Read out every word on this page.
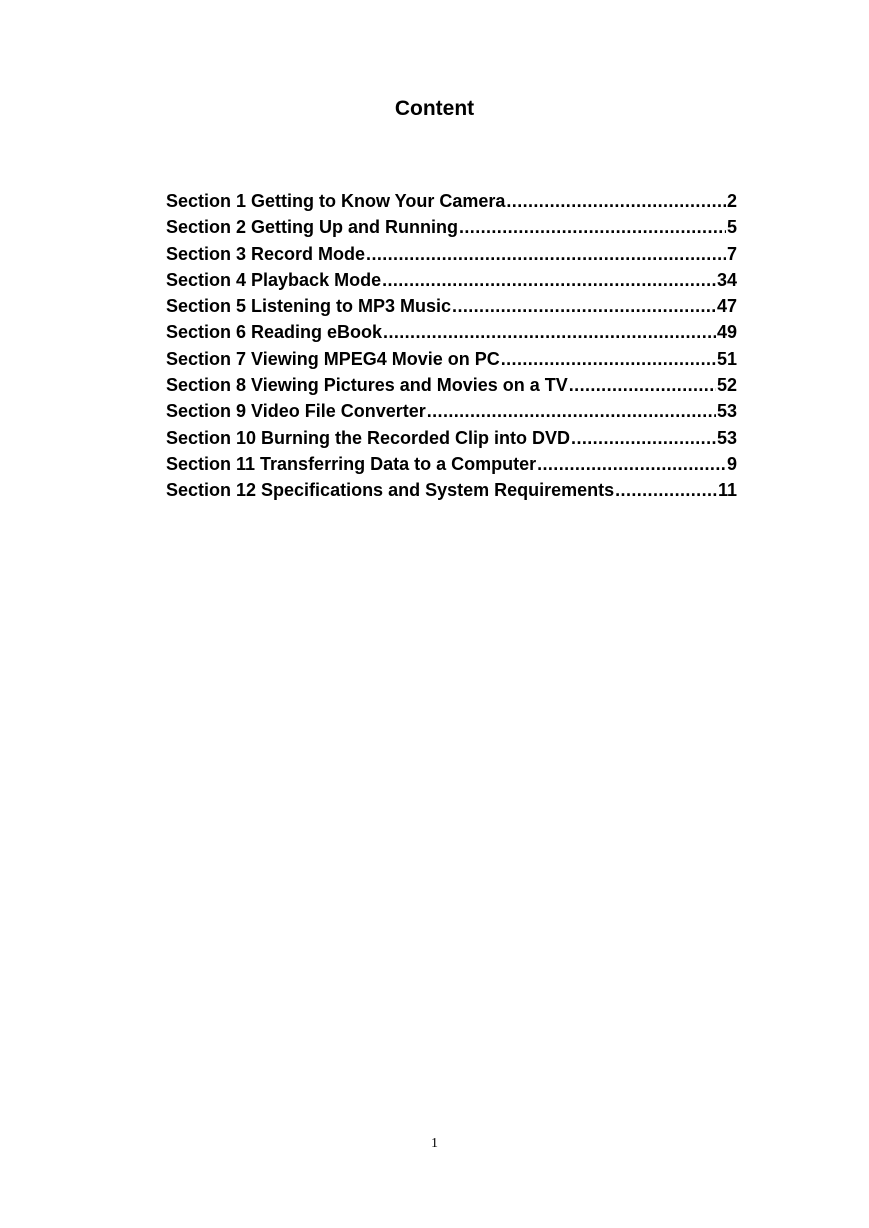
Content
Section 1 Getting to Know Your Camera .....	2
Section 2 Getting Up and Running .....	5
Section 3 Record Mode .....	7
Section 4 Playback Mode .....	34
Section 5 Listening to MP3 Music .....	47
Section 6 Reading eBook .....	49
Section 7 Viewing MPEG4 Movie on PC .....	51
Section 8 Viewing Pictures and Movies on a TV .....	52
Section 9 Video File Converter .....	53
Section 10 Burning the Recorded Clip into DVD .....	53
Section 11 Transferring Data to a Computer .....	9
Section 12 Specifications and System Requirements .....	11
1
